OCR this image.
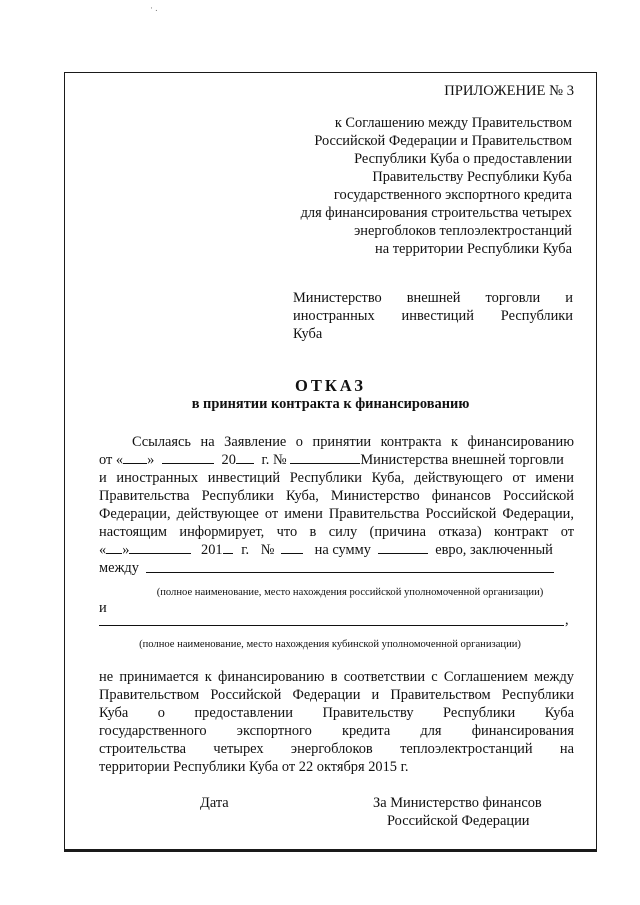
· .
ПРИЛОЖЕНИЕ № 3
к Соглашению между Правительством
Российской Федерации и Правительством
Республики Куба о предоставлении
Правительству Республики Куба
государственного экспортного кредита
для финансирования строительства четырех
энергоблоков теплоэлектростанций
на территории Республики Куба
Министерство внешней торговли и
иностранных инвестиций Республики
Куба
ОТКАЗ
в принятии контракта к финансированию
Ссылаясь на Заявление о принятии контракта к финансированию
от « »	20 г. №	Министерства внешней торговли
и иностранных инвестиций Республики Куба, действующего от имени
Правительства Республики Куба, Министерство финансов Российской
Федерации, действующее от имени Правительства Российской Федерации,
настоящим информирует, что в силу (причина отказа) контракт от
« »	201 г. №	на сумму	евро, заключенный
между
(полное наименование, место нахождения российской уполномоченной организации)
и
,
(полное наименование, место нахождения кубинской уполномоченной организации)
не принимается к финансированию в соответствии с Соглашением между
Правительством Российской Федерации и Правительством Республики
Куба о предоставлении Правительству Республики Куба
государственного экспортного кредита для финансирования
строительства четырех энергоблоков теплоэлектростанций на
территории Республики Куба от 22 октября 2015 г.
Дата	За Министерство финансов
Российской Федерации
